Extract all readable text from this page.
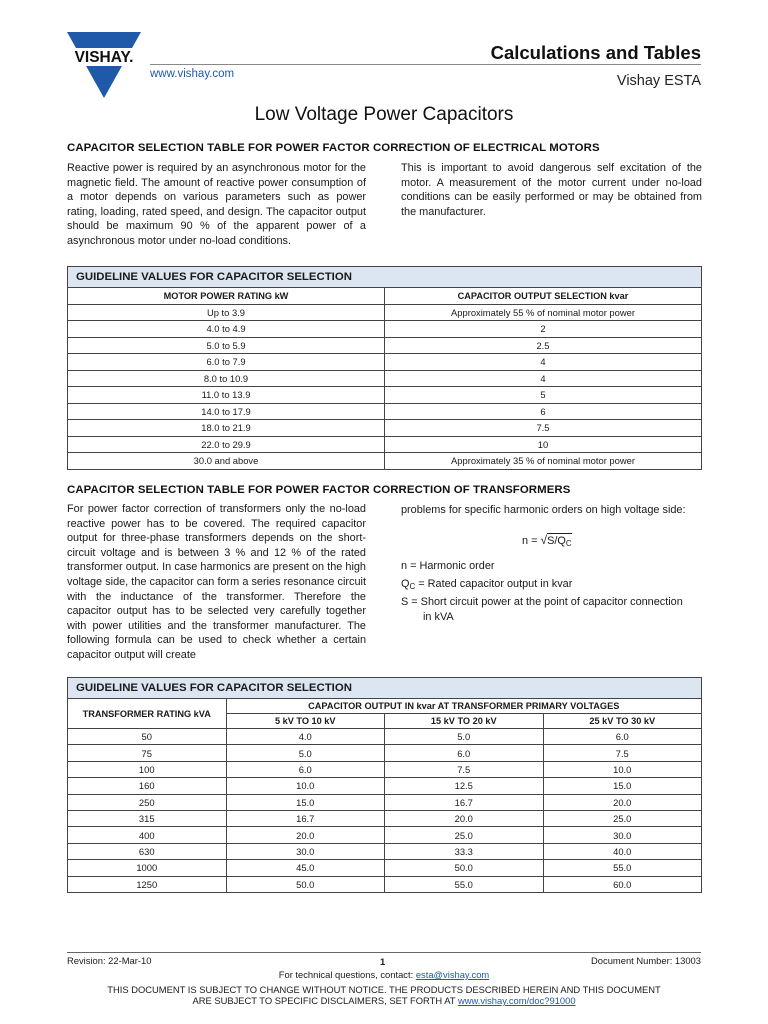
VISHAY.
www.vishay.com
Calculations and Tables
Vishay ESTA
Low Voltage Power Capacitors
CAPACITOR SELECTION TABLE FOR POWER FACTOR CORRECTION OF ELECTRICAL MOTORS
Reactive power is required by an asynchronous motor for the magnetic field. The amount of reactive power consumption of a motor depends on various parameters such as power rating, loading, rated speed, and design. The capacitor output should be maximum 90 % of the apparent power of a asynchronous motor under no-load conditions.
This is important to avoid dangerous self excitation of the motor. A measurement of the motor current under no-load conditions can be easily performed or may be obtained from the manufacturer.
GUIDELINE VALUES FOR CAPACITOR SELECTION	
MOTOR POWER RATING kW	CAPACITOR OUTPUT SELECTION kvar
Up to 3.9	Approximately 55 % of nominal motor power
4.0 to 4.9	2
5.0 to 5.9	2.5
6.0 to 7.9	4
8.0 to 10.9	4
11.0 to 13.9	5
14.0 to 17.9	6
18.0 to 21.9	7.5
22.0 to 29.9	10
30.0 and above	Approximately 35 % of nominal motor power
CAPACITOR SELECTION TABLE FOR POWER FACTOR CORRECTION OF TRANSFORMERS
For power factor correction of transformers only the no-load reactive power has to be covered. The required capacitor output for three-phase transformers depends on the short-circuit voltage and is between 3 % and 12 % of the rated transformer output. In case harmonics are present on the high voltage side, the capacitor can form a series resonance circuit with the inductance of the transformer. Therefore the capacitor output has to be selected very carefully together with power utilities and the transformer manufacturer. The following formula can be used to check whether a certain capacitor output will create
problems for specific harmonic orders on high voltage side:
$n = √S/Q_C$
n = Harmonic order
$Q_C$ = Rated capacitor output in kvar
S = Short circuit power at the point of capacitor connection
in kVA
GUIDELINE VALUES FOR CAPACITOR SELECTION			
TRANSFORMER RATING kVA	CAPACITOR OUTPUT IN kvar AT TRANSFORMER PRIMARY VOLTAGES		
	5 kV TO 10 kV	15 kV TO 20 kV	25 kV TO 30 kV
50	4.0	5.0	6.0
75	5.0	6.0	7.5
100	6.0	7.5	10.0
160	10.0	12.5	15.0
250	15.0	16.7	20.0
315	16.7	20.0	25.0
400	20.0	25.0	30.0
630	30.0	33.3	40.0
1000	45.0	50.0	55.0
1250	50.0	55.0	60.0
Revision: 22-Mar-10	1	Document Number: 13003
For technical questions, contact: esta@vishay.com
THIS DOCUMENT IS SUBJECT TO CHANGE WITHOUT NOTICE. THE PRODUCTS DESCRIBED HEREIN AND THIS DOCUMENT
ARE SUBJECT TO SPECIFIC DISCLAIMERS, SET FORTH AT www.vishay.com/doc?91000
